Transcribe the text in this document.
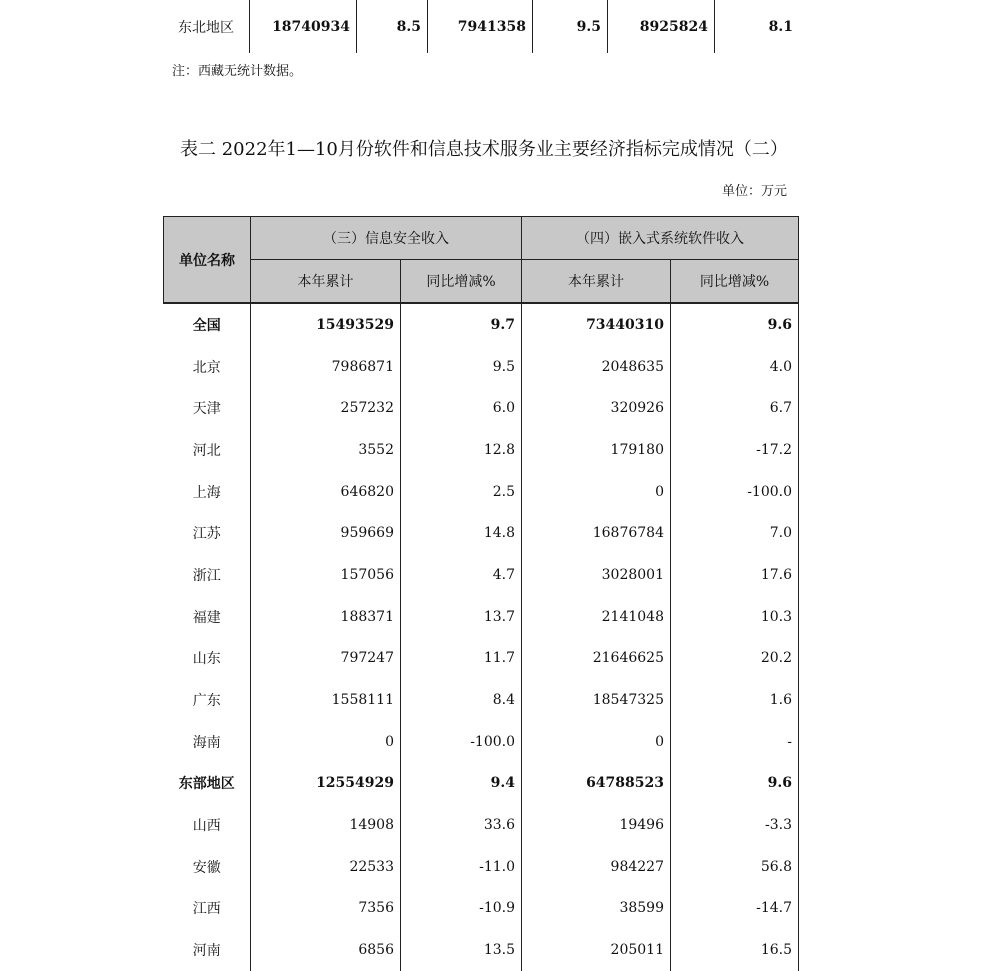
东北地区	18740934	8.5	7941358	9.5	8925824	8.1
注：西藏无统计数据。
表二 2022年1—10月份软件和信息技术服务业主要经济指标完成情况（二）
单位：万元
单位名称	（三）信息安全收入		（四）嵌入式系统软件收入	
	本年累计	同比增减%	本年累计	同比增减%
全国	15493529	9.7	73440310	9.6
北京	7986871	9.5	2048635	4.0
天津	257232	6.0	320926	6.7
河北	3552	12.8	179180	-17.2
上海	646820	2.5	0	-100.0
江苏	959669	14.8	16876784	7.0
浙江	157056	4.7	3028001	17.6
福建	188371	13.7	2141048	10.3
山东	797247	11.7	21646625	20.2
广东	1558111	8.4	18547325	1.6
海南	0	-100.0	0	-
东部地区	12554929	9.4	64788523	9.6
山西	14908	33.6	19496	-3.3
安徽	22533	-11.0	984227	56.8
江西	7356	-10.9	38599	-14.7
河南	6856	13.5	205011	16.5
